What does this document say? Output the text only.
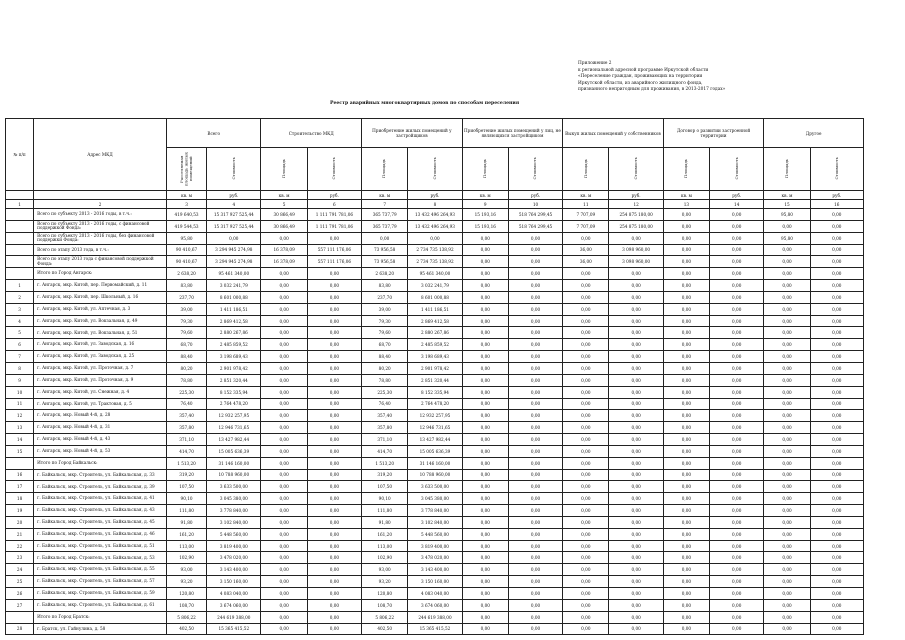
Приложение 2
к региональной адресной программе Иркутской области
«Переселение граждан, проживающих на территории
Иркутской области, из аварийного жилищного фонда,
признанного непригодным для проживания, в 2013-2017 годах»
Реестр аварийных многоквартирных домов по способам переселения
№ п/п	Адрес МКД	Всего		Строительство МКД		Приобретение жилых помещений у застройщиков		Приобретение жилых помещений у лиц, не являющихся застройщиком		Выкуп жилых помещений у собственников		Договор о развитии застроенной территории		Другое	
		Расселяемая площадь жилых помещений	Стоимость	Площадь	Стоимость	Площадь	Стоимость	Площадь	Стоимость	Площадь	Стоимость	Площадь	Стоимость	Площадь	Стоимость
		кв. м	руб.	кв. м	руб.	кв. м	руб.	кв. м	руб.	кв. м	руб.	кв. м	руб.	кв. м	руб.
1	2	3	4	5	6	7	8	9	10	11	12	13	14	15	16
	Всего по субъекту 2013 - 2016 годы, в т.ч.:	419 640,53	15 317 927 525,44	30 866,49	1 111 791 781,06	365 737,79	13 432 496 264,93	15 193,16	518 764 299,45	7 707,09	254 875 180,00	0,00	0,00	95,80	0,00
	Всего по субъекту 2013 - 2016 годы, с финансовой поддержкой Фонда:	419 544,53	15 317 927 525,44	30 866,49	1 111 791 781,06	365 737,79	13 432 496 264,93	15 193,16	518 764 299,45	7 707,09	254 875 180,00	0,00	0,00	0,00	0,00
	Всего по субъекту 2013 - 2016 годы, без финансовой поддержки Фонда:	95,80	0,00	0,00	0,00	0,00	0,00	0,00	0,00	0,00	0,00	0,00	0,00	95,80	0,00
	Всего по этапу 2013 года, в т.ч.:	90 410,67	3 294 945 274,98	16 378,09	557 111 176,06	73 956,58	2 734 735 138,92	0,00	0,00	36,00	3 098 960,00	0,00	0,00	0,00	0,00
	Всего по этапу 2013 года с финансовой поддержкой Фонда:	90 410,67	3 294 945 274,98	16 378,09	557 111 176,06	73 956,58	2 734 735 138,92	0,00	0,00	36,00	3 098 960,00	0,00	0,00	0,00	0,00
	Итого по Город Ангарск:	2 638,20	95 461 340,00	0,00	0,00	2 638,20	95 461 340,00	0,00	0,00	0,00	0,00	0,00	0,00	0,00	0,00
1	г. Ангарск, мкр. Китой, пер. Первомайский, д. 11	83,80	3 032 241,79	0,00	0,00	83,80	3 032 241,79	0,00	0,00	0,00	0,00	0,00	0,00	0,00	0,00
2	г. Ангарск, мкр. Китой, пер. Школьный, д. 16	237,70	8 601 000,88	0,00	0,00	237,70	8 601 000,88	0,00	0,00	0,00	0,00	0,00	0,00	0,00	0,00
3	г. Ангарск, мкр. Китой, ул. Аптечная, д. 3	39,00	1 411 186,51	0,00	0,00	39,00	1 411 186,51	0,00	0,00	0,00	0,00	0,00	0,00	0,00	0,00
4	г. Ангарск, мкр. Китой, ул. Вокзальная, д. 49	79,30	2 869 412,58	0,00	0,00	79,30	2 869 412,58	0,00	0,00	0,00	0,00	0,00	0,00	0,00	0,00
5	г. Ангарск, мкр. Китой, ул. Вокзальная, д. 51	79,60	2 880 267,86	0,00	0,00	79,60	2 880 267,86	0,00	0,00	0,00	0,00	0,00	0,00	0,00	0,00
6	г. Ангарск, мкр. Китой, ул. Заводская, д. 16	68,70	2 485 859,52	0,00	0,00	68,70	2 485 859,52	0,00	0,00	0,00	0,00	0,00	0,00	0,00	0,00
7	г. Ангарск, мкр. Китой, ул. Заводская, д. 25	88,40	3 198 689,43	0,00	0,00	88,40	3 198 689,43	0,00	0,00	0,00	0,00	0,00	0,00	0,00	0,00
8	г. Ангарск, мкр. Китой, ул. Проточная, д. 7	80,20	2 901 978,42	0,00	0,00	80,20	2 901 978,42	0,00	0,00	0,00	0,00	0,00	0,00	0,00	0,00
9	г. Ангарск, мкр. Китой, ул. Проточная, д. 9	78,80	2 851 320,44	0,00	0,00	78,80	2 851 320,44	0,00	0,00	0,00	0,00	0,00	0,00	0,00	0,00
10	г. Ангарск, мкр. Китой, ул. Снежная, д. 4	225,30	8 152 335,94	0,00	0,00	225,30	8 152 335,94	0,00	0,00	0,00	0,00	0,00	0,00	0,00	0,00
11	г. Ангарск, мкр. Китой, ул. Трактовая, д. 5	76,40	2 764 478,20	0,00	0,00	76,40	2 764 478,20	0,00	0,00	0,00	0,00	0,00	0,00	0,00	0,00
12	г. Ангарск, мкр. Новый 4-й, д. 28	357,40	12 932 257,95	0,00	0,00	357,40	12 932 257,95	0,00	0,00	0,00	0,00	0,00	0,00	0,00	0,00
13	г. Ангарск, мкр. Новый 4-й, д. 31	357,80	12 946 731,65	0,00	0,00	357,80	12 946 731,65	0,00	0,00	0,00	0,00	0,00	0,00	0,00	0,00
14	г. Ангарск, мкр. Новый 4-й, д. 43	371,10	13 427 982,44	0,00	0,00	371,10	13 427 982,44	0,00	0,00	0,00	0,00	0,00	0,00	0,00	0,00
15	г. Ангарск, мкр. Новый 4-й, д. 53	414,70	15 005 636,39	0,00	0,00	414,70	15 005 636,39	0,00	0,00	0,00	0,00	0,00	0,00	0,00	0,00
	Итого по Город Байкальск:	1 513,20	31 146 160,00	0,00	0,00	1 513,20	31 146 160,00	0,00	0,00	0,00	0,00	0,00	0,00	0,00	0,00
16	г. Байкальск, мкр. Строитель, ул. Байкальская, д. 33	319,20	10 788 960,00	0,00	0,00	319,20	10 788 960,00	0,00	0,00	0,00	0,00	0,00	0,00	0,00	0,00
17	г. Байкальск, мкр. Строитель, ул. Байкальская, д. 39	107,50	3 633 500,00	0,00	0,00	107,50	3 633 500,00	0,00	0,00	0,00	0,00	0,00	0,00	0,00	0,00
18	г. Байкальск, мкр. Строитель, ул. Байкальская, д. 41	90,10	3 045 380,00	0,00	0,00	90,10	3 045 380,00	0,00	0,00	0,00	0,00	0,00	0,00	0,00	0,00
19	г. Байкальск, мкр. Строитель, ул. Байкальская, д. 43	111,80	3 778 840,00	0,00	0,00	111,80	3 778 840,00	0,00	0,00	0,00	0,00	0,00	0,00	0,00	0,00
20	г. Байкальск, мкр. Строитель, ул. Байкальская, д. 45	91,80	3 102 840,00	0,00	0,00	91,80	3 102 840,00	0,00	0,00	0,00	0,00	0,00	0,00	0,00	0,00
21	г. Байкальск, мкр. Строитель, ул. Байкальская, д. 46	161,20	5 448 560,00	0,00	0,00	161,20	5 448 560,00	0,00	0,00	0,00	0,00	0,00	0,00	0,00	0,00
22	г. Байкальск, мкр. Строитель, ул. Байкальская, д. 51	113,00	3 819 400,00	0,00	0,00	113,00	3 819 400,00	0,00	0,00	0,00	0,00	0,00	0,00	0,00	0,00
23	г. Байкальск, мкр. Строитель, ул. Байкальская, д. 53	102,90	3 478 020,00	0,00	0,00	102,90	3 478 020,00	0,00	0,00	0,00	0,00	0,00	0,00	0,00	0,00
24	г. Байкальск, мкр. Строитель, ул. Байкальская, д. 55	93,00	3 143 400,00	0,00	0,00	93,00	3 143 400,00	0,00	0,00	0,00	0,00	0,00	0,00	0,00	0,00
25	г. Байкальск, мкр. Строитель, ул. Байкальская, д. 57	93,20	3 150 160,00	0,00	0,00	93,20	3 150 160,00	0,00	0,00	0,00	0,00	0,00	0,00	0,00	0,00
26	г. Байкальск, мкр. Строитель, ул. Байкальская, д. 59	120,80	4 083 040,00	0,00	0,00	120,80	4 083 040,00	0,00	0,00	0,00	0,00	0,00	0,00	0,00	0,00
27	г. Байкальск, мкр. Строитель, ул. Байкальская, д. 61	108,70	3 674 060,00	0,00	0,00	108,70	3 674 060,00	0,00	0,00	0,00	0,00	0,00	0,00	0,00	0,00
	Итого по Город Братск:	5 806,22	244 619 388,00	0,00	0,00	5 806,22	244 619 388,00	0,00	0,00	0,00	0,00	0,00	0,00	0,00	0,00
28	г. Братск, ул. Гайнулина, д. 58	402,50	15 365 415,52	0,00	0,00	402,50	15 365 415,52	0,00	0,00	0,00	0,00	0,00	0,00	0,00	0,00
